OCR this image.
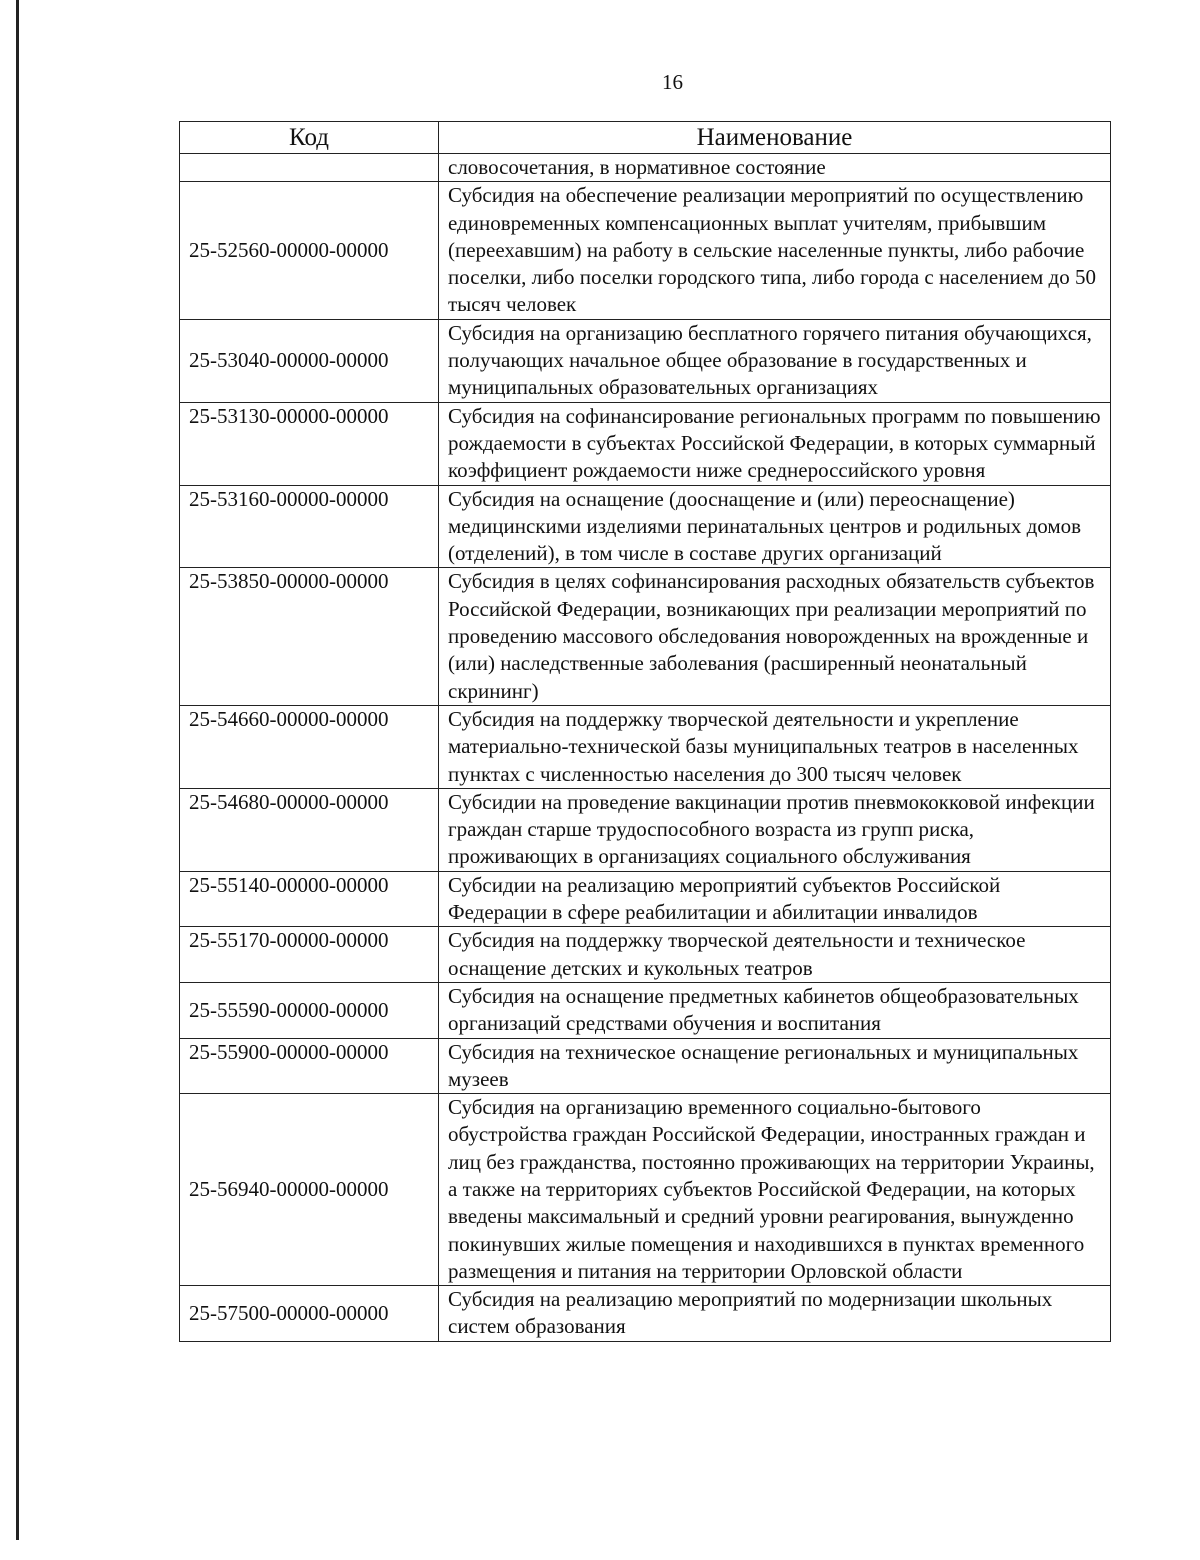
16
Код	Наименование
	словосочетания, в нормативное состояние
25-52560-00000-00000	Субсидия на обеспечение реализации мероприятий по осуществлению единовременных компенсационных выплат учителям, прибывшим (переехавшим) на работу в сельские населенные пункты, либо рабочие поселки, либо поселки городского типа, либо города с населением до 50 тысяч человек
25-53040-00000-00000	Субсидия на организацию бесплатного горячего питания обучающихся, получающих начальное общее образование в государственных и муниципальных образовательных организациях
25-53130-00000-00000	Субсидия на софинансирование региональных программ по повышению рождаемости в субъектах Российской Федерации, в которых суммарный коэффициент рождаемости ниже среднероссийского уровня
25-53160-00000-00000	Субсидия на оснащение (дооснащение и (или) переоснащение) медицинскими изделиями перинатальных центров и родильных домов (отделений), в том числе в составе других организаций
25-53850-00000-00000	Субсидия в целях софинансирования расходных обязательств субъектов Российской Федерации, возникающих при реализации мероприятий по проведению массового обследования новорожденных на врожденные и (или) наследственные заболевания (расширенный неонатальный скрининг)
25-54660-00000-00000	Субсидия на поддержку творческой деятельности и укрепление материально-технической базы муниципальных театров в населенных пунктах с численностью населения до 300 тысяч человек
25-54680-00000-00000	Субсидии на проведение вакцинации против пневмококковой инфекции граждан старше трудоспособного возраста из групп риска, проживающих в организациях социального обслуживания
25-55140-00000-00000	Субсидии на реализацию мероприятий субъектов Российской Федерации в сфере реабилитации и абилитации инвалидов
25-55170-00000-00000	Субсидия на поддержку творческой деятельности и техническое оснащение детских и кукольных театров
25-55590-00000-00000	Субсидия на оснащение предметных кабинетов общеобразовательных организаций средствами обучения и воспитания
25-55900-00000-00000	Субсидия на техническое оснащение региональных и муниципальных музеев
25-56940-00000-00000	Субсидия на организацию временного социально-бытового обустройства граждан Российской Федерации, иностранных граждан и лиц без гражданства, постоянно проживающих на территории Украины, а также на территориях субъектов Российской Федерации, на которых введены максимальный и средний уровни реагирования, вынужденно покинувших жилые помещения и находившихся в пунктах временного размещения и питания на территории Орловской области
25-57500-00000-00000	Субсидия на реализацию мероприятий по модернизации школьных систем образования
